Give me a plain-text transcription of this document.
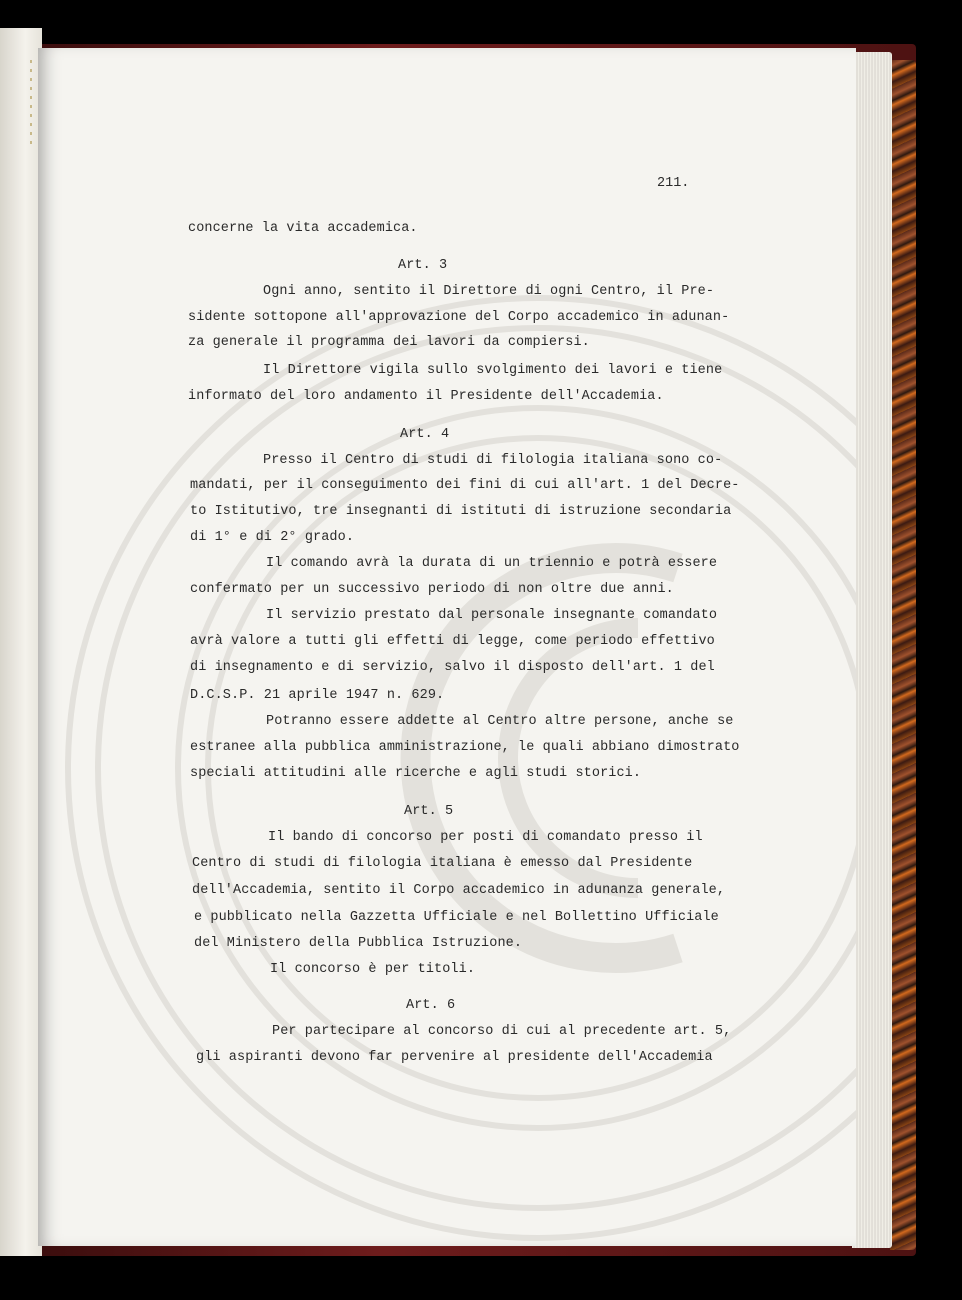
211.
concerne la vita accademica.
Art. 3
Ogni anno, sentito il Direttore di ogni Centro, il Pre-
sidente sottopone all'approvazione del Corpo accademico in adunan-
za generale il programma dei lavori da compiersi.
Il Direttore vigila sullo svolgimento dei lavori e tiene
informato del loro andamento il Presidente dell'Accademia.
Art. 4
Presso il Centro di studi di filologia italiana sono co-
mandati, per il conseguimento dei fini di cui all'art. 1 del Decre-
to Istitutivo, tre insegnanti di istituti di istruzione secondaria
di 1° e di 2° grado.
Il comando avrà la durata di un triennio e potrà essere
confermato per un successivo periodo di non oltre due anni.
Il servizio prestato dal personale insegnante comandato
avrà valore a tutti gli effetti di legge, come periodo effettivo
di insegnamento e di servizio, salvo il disposto dell'art. 1 del
D.C.S.P. 21 aprile 1947 n. 629.
Potranno essere addette al Centro altre persone, anche se
estranee alla pubblica amministrazione, le quali abbiano dimostrato
speciali attitudini alle ricerche e agli studi storici.
Art. 5
Il bando di concorso per posti di comandato presso il
Centro di studi di filologia italiana è emesso dal Presidente
dell'Accademia, sentito il Corpo accademico in adunanza generale,
e pubblicato nella Gazzetta Ufficiale e nel Bollettino Ufficiale
del Ministero della Pubblica Istruzione.
Il concorso è per titoli.
Art. 6
Per partecipare al concorso di cui al precedente art. 5,
gli aspiranti devono far pervenire al presidente dell'Accademia
